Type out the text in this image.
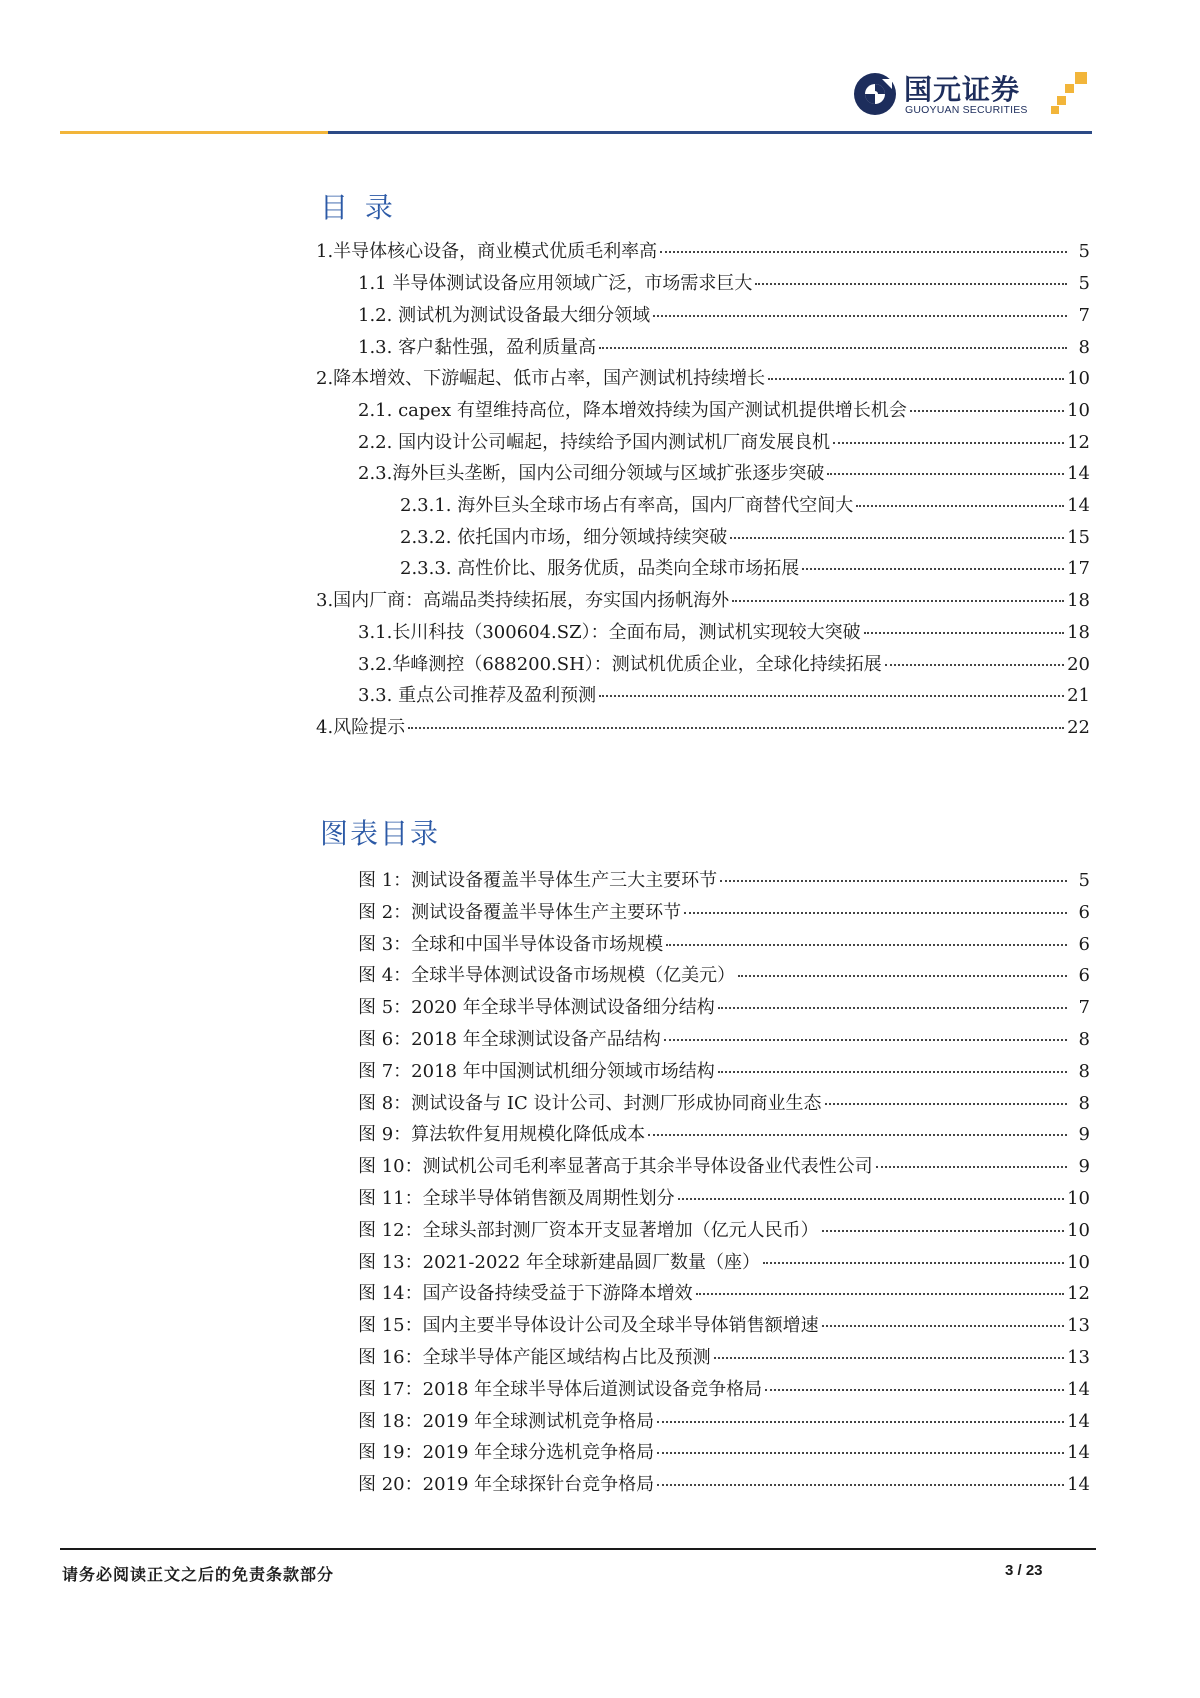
国元证券
GUOYUAN SECURITIES
目 录
1.半导体核心设备，商业模式优质毛利率高	5
1.1 半导体测试设备应用领域广泛，市场需求巨大	5
1.2. 测试机为测试设备最大细分领域	7
1.3. 客户黏性强，盈利质量高	8
2.降本增效、下游崛起、低市占率，国产测试机持续增长	10
2.1. capex 有望维持高位，降本增效持续为国产测试机提供增长机会	10
2.2. 国内设计公司崛起，持续给予国内测试机厂商发展良机	12
2.3.海外巨头垄断，国内公司细分领域与区域扩张逐步突破	14
2.3.1. 海外巨头全球市场占有率高，国内厂商替代空间大	14
2.3.2. 依托国内市场，细分领域持续突破	15
2.3.3. 高性价比、服务优质，品类向全球市场拓展	17
3.国内厂商：高端品类持续拓展，夯实国内扬帆海外	18
3.1.长川科技（300604.SZ）：全面布局，测试机实现较大突破	18
3.2.华峰测控（688200.SH）：测试机优质企业，全球化持续拓展	20
3.3. 重点公司推荐及盈利预测	21
4.风险提示	22
图表目录
图 1：测试设备覆盖半导体生产三大主要环节	5
图 2：测试设备覆盖半导体生产主要环节	6
图 3：全球和中国半导体设备市场规模	6
图 4：全球半导体测试设备市场规模（亿美元）	6
图 5：2020 年全球半导体测试设备细分结构	7
图 6：2018 年全球测试设备产品结构	8
图 7：2018 年中国测试机细分领域市场结构	8
图 8：测试设备与 IC 设计公司、封测厂形成协同商业生态	8
图 9：算法软件复用规模化降低成本	9
图 10：测试机公司毛利率显著高于其余半导体设备业代表性公司	9
图 11：全球半导体销售额及周期性划分	10
图 12：全球头部封测厂资本开支显著增加（亿元人民币）	10
图 13：2021-2022 年全球新建晶圆厂数量（座）	10
图 14：国产设备持续受益于下游降本增效	12
图 15：国内主要半导体设计公司及全球半导体销售额增速	13
图 16：全球半导体产能区域结构占比及预测	13
图 17：2018 年全球半导体后道测试设备竞争格局	14
图 18：2019 年全球测试机竞争格局	14
图 19：2019 年全球分选机竞争格局	14
图 20：2019 年全球探针台竞争格局	14
请务必阅读正文之后的免责条款部分	3 / 23
